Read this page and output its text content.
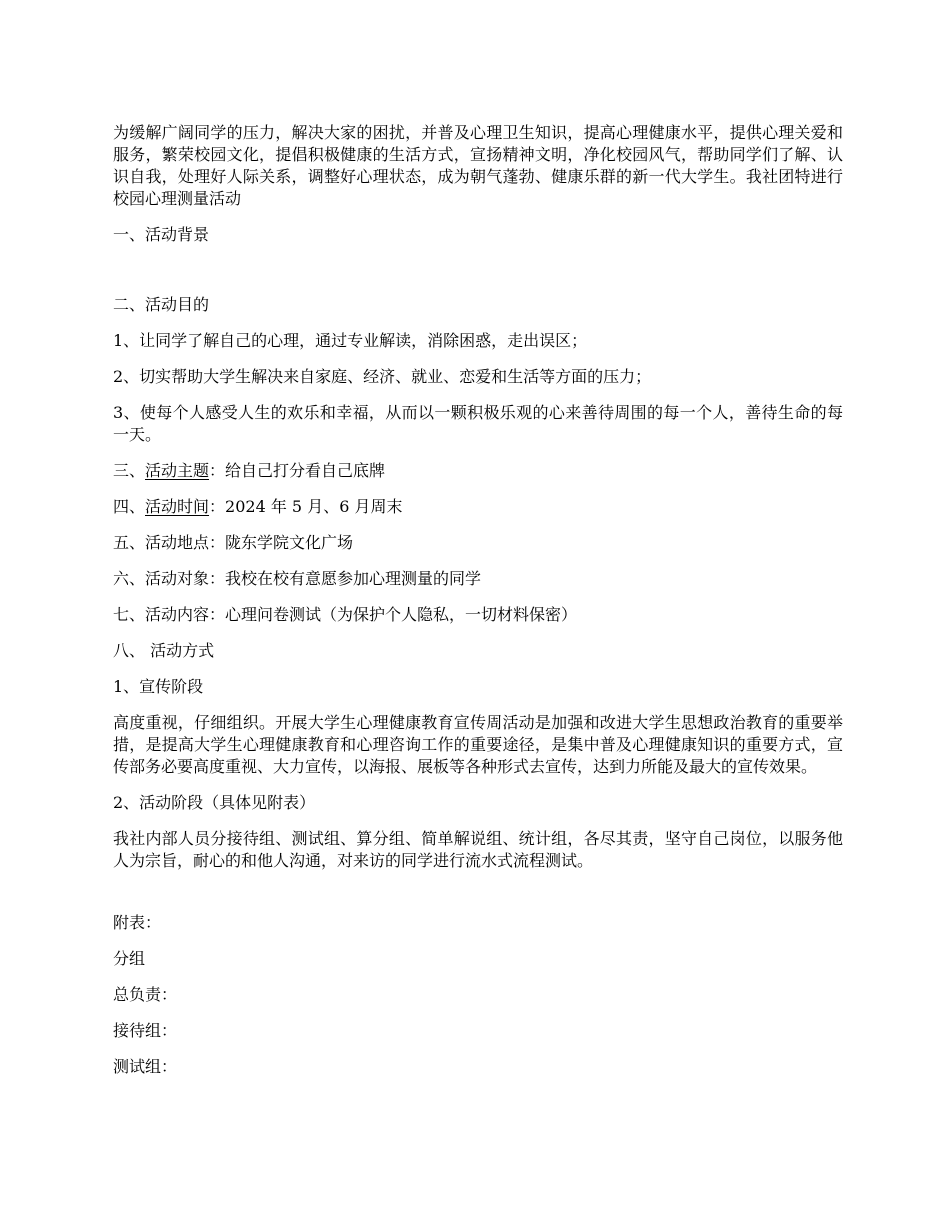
为缓解广阔同学的压力，解决大家的困扰，并普及心理卫生知识，提高心理健康水平，提供心理关爱和服务，繁荣校园文化，提倡积极健康的生活方式，宣扬精神文明，净化校园风气，帮助同学们了解、认识自我，处理好人际关系，调整好心理状态，成为朝气蓬勃、健康乐群的新一代大学生。我社团特进行校园心理测量活动

一、活动背景

二、活动目的

1、让同学了解自己的心理，通过专业解读，消除困惑，走出误区；

2、切实帮助大学生解决来自家庭、经济、就业、恋爱和生活等方面的压力；

3、使每个人感受人生的欢乐和幸福，从而以一颗积极乐观的心来善待周围的每一个人，善待生命的每一天。

三、活动主题：给自己打分看自己底牌

四、活动时间：2024 年 5 月、6 月周末

五、活动地点：陇东学院文化广场

六、活动对象：我校在校有意愿参加心理测量的同学

七、活动内容：心理问卷测试（为保护个人隐私，一切材料保密）

八、 活动方式

1、宣传阶段

高度重视，仔细组织。开展大学生心理健康教育宣传周活动是加强和改进大学生思想政治教育的重要举措，是提高大学生心理健康教育和心理咨询工作的重要途径，是集中普及心理健康知识的重要方式，宣传部务必要高度重视、大力宣传，以海报、展板等各种形式去宣传，达到力所能及最大的宣传效果。

2、活动阶段（具体见附表）

我社内部人员分接待组、测试组、算分组、简单解说组、统计组，各尽其责，坚守自己岗位，以服务他人为宗旨，耐心的和他人沟通，对来访的同学进行流水式流程测试。

附表：

分组

总负责：

接待组：

测试组：
